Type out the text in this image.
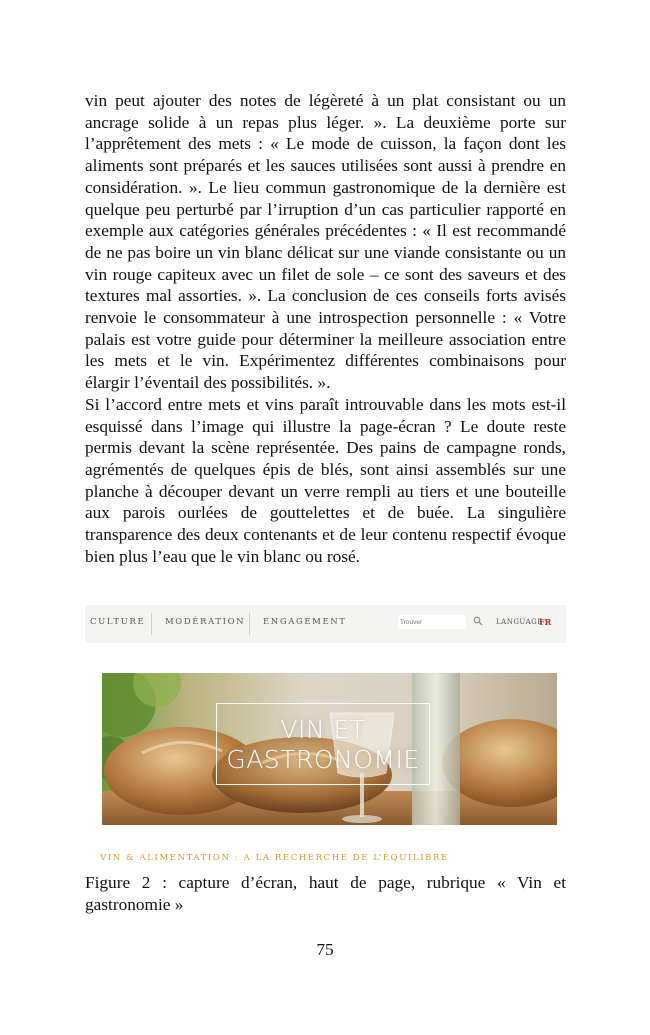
vin peut ajouter des notes de légèreté à un plat consistant ou un ancrage solide à un repas plus léger. ». La deuxième porte sur l’apprêtement des mets : « Le mode de cuisson, la façon dont les aliments sont préparés et les sauces utilisées sont aussi à prendre en considération. ». Le lieu commun gastronomique de la dernière est quelque peu perturbé par l’irruption d’un cas particulier rapporté en exemple aux catégories générales précédentes : « Il est recommandé de ne pas boire un vin blanc délicat sur une viande consistante ou un vin rouge capiteux avec un filet de sole – ce sont des saveurs et des textures mal assorties. ». La conclusion de ces conseils forts avisés renvoie le consommateur à une introspection personnelle : « Votre palais est votre guide pour déterminer la meilleure association entre les mets et le vin. Expérimentez différentes combinaisons pour élargir l’éventail des possibilités. ».

Si l’accord entre mets et vins paraît introuvable dans les mots est-il esquissé dans l’image qui illustre la page-écran ? Le doute reste permis devant la scène représentée. Des pains de campagne ronds, agrémentés de quelques épis de blés, sont ainsi assemblés sur une planche à découper devant un verre rempli au tiers et une bouteille aux parois ourlées de gouttelettes et de buée. La singulière transparence des deux contenants et de leur contenu respectif évoque bien plus l’eau que le vin blanc ou rosé.

CULTURE MODÉRATION ENGAGEMENT
Trouver	LANGUAGE
FR
VIN ET
GASTRONOMIE
VIN & ALIMENTATION : A LA RECHERCHE DE L’ÉQUILIBRE
Figure 2 : capture d’écran, haut de page, rubrique « Vin et gastronomie »
75
